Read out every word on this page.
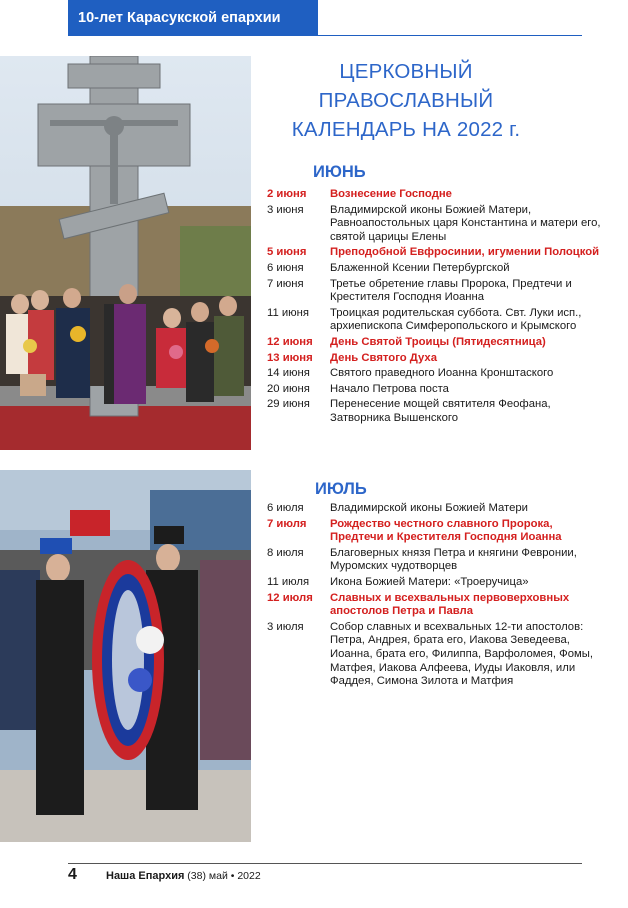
10-лет Карасукской епархии
ЦЕРКОВНЫЙ ПРАВОСЛАВНЫЙ
КАЛЕНДАРЬ НА 2022 г.
ИЮНЬ
2 июня	Вознесение Господне
3 июня	Владимирской иконы Божией Матери, Равноапостольных царя Константина и матери его, святой царицы Елены
5 июня	Преподобной Евфросинии, игумении Полоцкой
6 июня	Блаженной Ксении Петербургской
7 июня	Третье обретение главы Пророка, Предтечи и Крестителя Господня Иоанна
11 июня	Троицкая родительская суббота. Свт. Луки исп., архиепископа Симферопольского и Крымского
12 июня	День Святой Троицы (Пятидесятница)
13 июня	День Святого Духа
14 июня	Святого праведного Иоанна Кронштаского
20 июня	Начало Петрова поста
29 июня	Перенесение мощей святителя Феофана, Затворника Вышенского
ИЮЛЬ
6 июля	Владимирской иконы Божией Матери
7 июля	Рождество честного славного Пророка, Предтечи и Крестителя Господня Иоанна
8 июля	Благоверных князя Петра и княгини Февронии, Муромских чудотворцев
11 июля	Икона Божией Матери: «Троеручица»
12 июля	Славных и всехвальных первоверховных апостолов Петра и Павла
3 июля	Собор славных и всехвальных 12-ти апостолов: Петра, Андрея, брата его, Иакова Зеведеева, Иоанна, брата его, Филиппа, Варфоломея, Фомы, Матфея, Иакова Алфеева, Иуды Иаковля, или Фаддея, Симона Зилота и Матфия
4	Наша Епархия (38) май • 2022
